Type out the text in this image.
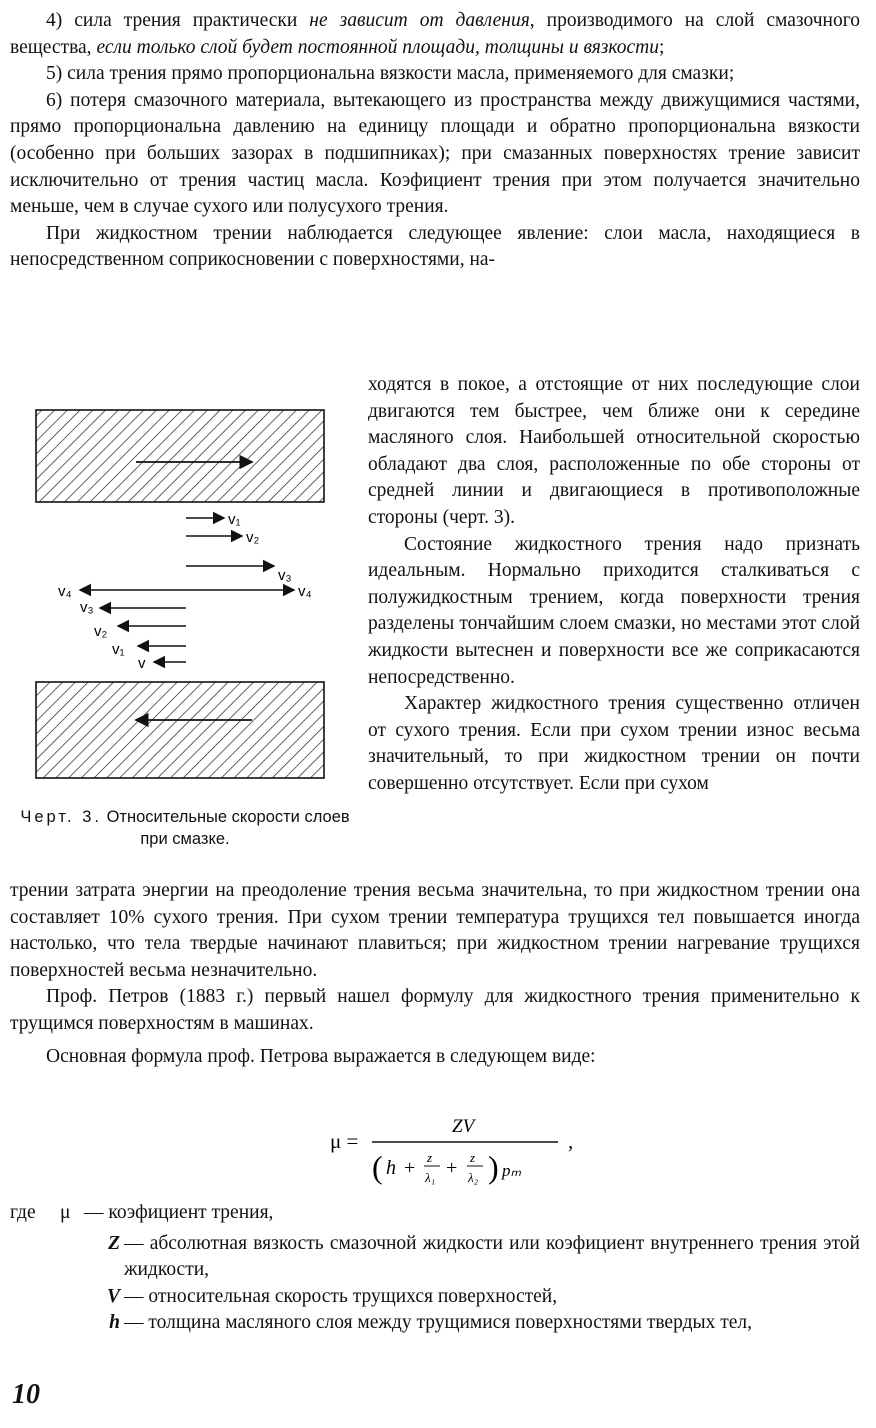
4) сила трения практически не зависит от давления, производимого на слой смазочного вещества, если только слой будет постоянной площади, толщины и вязкости;

5) сила трения прямо пропорциональна вязкости масла, применяемого для смазки;

6) потеря смазочного материала, вытекающего из пространства между движущимися частями, прямо пропорциональна давлению на единицу площади и обратно пропорциональна вязкости (особенно при больших зазорах в подшипниках); при смазанных поверхностях трение зависит исключительно от трения частиц масла. Коэфициент трения при этом получается значительно меньше, чем в случае сухого или полусухого трения.

При жидкостном трении наблюдается следующее явление: слои масла, находящиеся в непосредственном соприкосновении с поверхностями, на-

v₁
v₂
v₃
v₄
v₄
v₃
v₂
v₁
v
Черт. 3. Относительные скорости слоев при смазке.

ходятся в покое, а отстоящие от них последующие слои двигаются тем быстрее, чем ближе они к середине масляного слоя. Наибольшей относительной скоростью обладают два слоя, расположенные по обе стороны от средней линии и двигающиеся в противоположные стороны (черт. 3).

Состояние жидкостного трения надо признать идеальным. Нормально приходится сталкиваться с полужидкостным трением, когда поверхности трения разделены тончайшим слоем смазки, но местами этот слой жидкости вытеснен и поверхности все же соприкасаются непосредственно.

Характер жидкостного трения существенно отличен от сухого трения. Если при сухом трении износ весьма значительный, то при жидкостном трении он почти совершенно отсутствует. Если при сухом

трении затрата энергии на преодоление трения весьма значительна, то при жидкостном трении она составляет 10% сухого трения. При сухом трении температура трущихся тел повышается иногда настолько, что тела твердые начинают плавиться; при жидкостном трении нагревание трущихся поверхностей весьма незначительно.

Проф. Петров (1883 г.) первый нашел формулу для жидкостного трения применительно к трущимся поверхностям в машинах.

Основная формула проф. Петрова выражается в следующем виде:

μ =
ZV
( h + z
λ₁ + z
λ₂ ) pₘ
,
где	μ — коэфициент трения,
Z — абсолютная вязкость смазочной жидкости или коэфициент внутреннего трения этой жидкости,
V — относительная скорость трущихся поверхностей,
h — толщина масляного слоя между трущимися поверхностями твердых тел,
10
